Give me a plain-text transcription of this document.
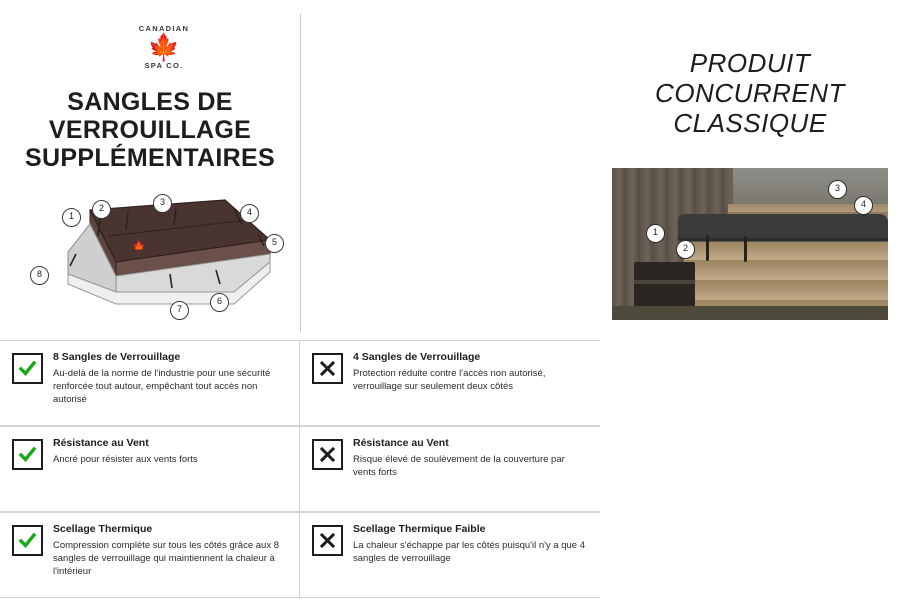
CANADIAN
🍁
SPA CO.
SANGLES DE
VERROUILLAGE
SUPPLÉMENTAIRES
🍁
1
2
3
4
5
6
7
8
PRODUIT
CONCURRENT
CLASSIQUE
1
2
3
4

8 Sangles de Verrouillage

Au-delà de la norme de l'industrie pour une sécurité renforcée tout autour, empêchant tout accès non autorisé

4 Sangles de Verrouillage

Protection réduite contre l'accès non autorisé, verrouillage sur seulement deux côtés

Résistance au Vent

Ancré pour résister aux vents forts

Résistance au Vent

Risque élevé de soulèvement de la couverture par vents forts

Scellage Thermique

Compression complète sur tous les côtés grâce aux 8 sangles de verrouillage qui maintiennent la chaleur à l'intérieur

Scellage Thermique Faible

La chaleur s'échappe par les côtés puisqu'il n'y a que 4 sangles de verrouillage
